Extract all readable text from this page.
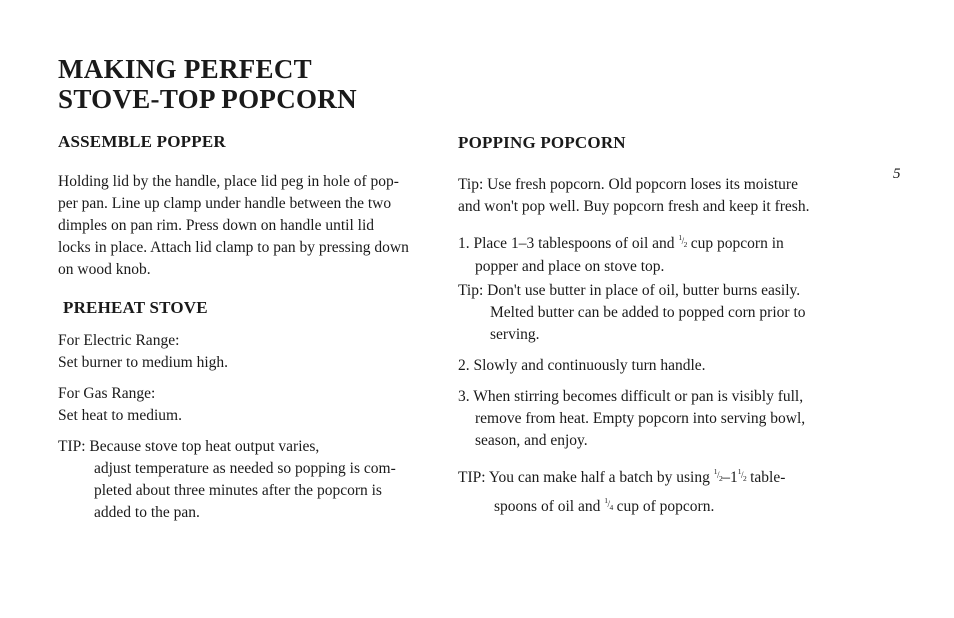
MAKING PERFECT
STOVE-TOP POPCORN
ASSEMBLE POPPER
Holding lid by the handle, place lid peg in hole of pop-
per pan. Line up clamp under handle between the two
dimples on pan rim. Press down on handle until lid
locks in place. Attach lid clamp to pan by pressing down
on wood knob.
PREHEAT STOVE
For Electric Range:
Set burner to medium high.
For Gas Range:
Set heat to medium.
TIP: Because stove top heat output varies,
adjust temperature as needed so popping is com-
pleted about three minutes after the popcorn is
added to the pan.
POPPING POPCORN
Tip: Use fresh popcorn. Old popcorn loses its moisture
and won't pop well. Buy popcorn fresh and keep it fresh.
1. Place 1–3 tablespoons of oil and $^{^1/_2}$ cup popcorn in
popper and place on stove top.
Tip: Don't use butter in place of oil, butter burns easily.
Melted butter can be added to popped corn prior to
serving.
2. Slowly and continuously turn handle.
3. When stirring becomes difficult or pan is visibly full,
remove from heat. Empty popcorn into serving bowl,
season, and enjoy.
TIP: You can make half a batch by using $^{^1/_2}-1^{^1/_2}$ table-
spoons of oil and $^{^1/_4}$ cup of popcorn.
5
